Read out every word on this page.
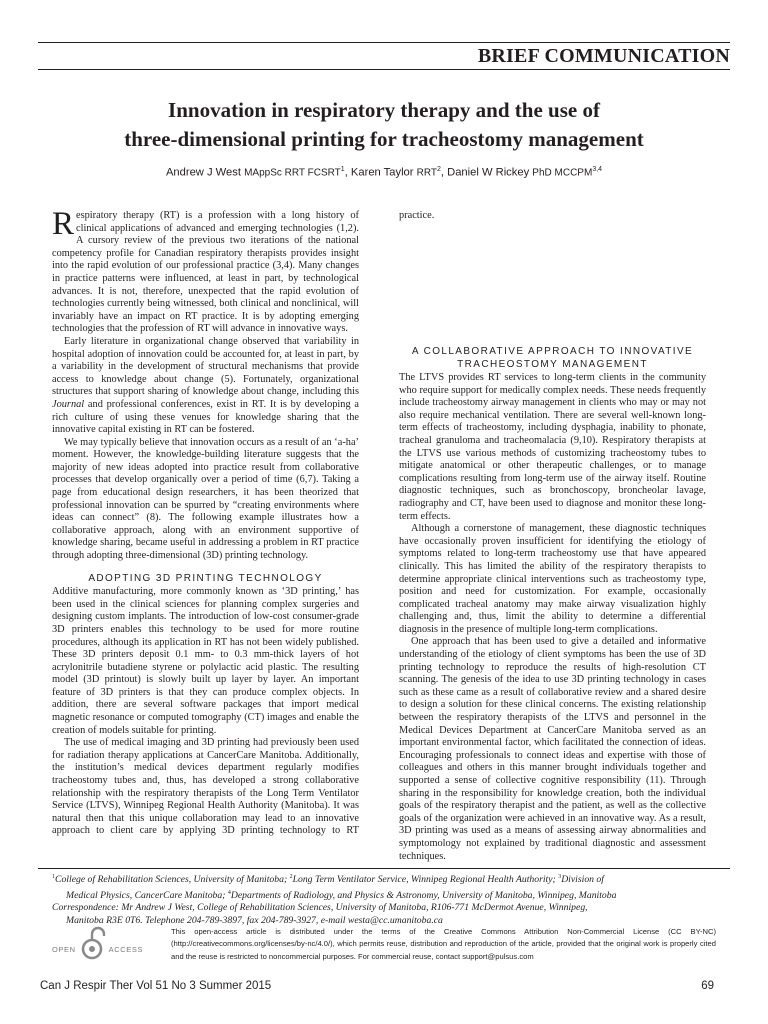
BRIEF COMMUNICATION
Innovation in respiratory therapy and the use of
three-dimensional printing for tracheostomy management
Andrew J West MAppSc RRT FCSRT$^1$, Karen Taylor RRT$^2$, Daniel W Rickey PhD MCCPM$^{3,4}$

Respiratory therapy (RT) is a profession with a long history of clinical applications of advanced and emerging technologies (1,2). A cursory review of the previous two iterations of the national competency profile for Canadian respiratory therapists provides insight into the rapid evolution of our professional practice (3,4). Many changes in practice patterns were influenced, at least in part, by technological advances. It is not, therefore, unexpected that the rapid evolution of technologies currently being witnessed, both clinical and nonclinical, will invariably have an impact on RT practice. It is by adopting emerging technologies that the profession of RT will advance in innovative ways.

Early literature in organizational change observed that variability in hospital adoption of innovation could be accounted for, at least in part, by a variability in the development of structural mechanisms that provide access to knowledge about change (5). Fortunately, organizational structures that support sharing of knowledge about change, including this Journal and professional conferences, exist in RT. It is by developing a rich culture of using these venues for knowledge sharing that the innovative capital existing in RT can be fostered.

We may typically believe that innovation occurs as a result of an ‘a-ha’ moment. However, the knowledge-building literature suggests that the majority of new ideas adopted into practice result from collaborative processes that develop organically over a period of time (6,7). Taking a page from educational design researchers, it has been theorized that professional innovation can be spurred by “creating environments where ideas can connect” (8). The following example illustrates how a collaborative approach, along with an environment supportive of knowledge sharing, became useful in addressing a problem in RT practice through adopting three-dimensional (3D) printing technology.

ADOPTING 3D PRINTING TECHNOLOGY

Additive manufacturing, more commonly known as ‘3D printing,’ has been used in the clinical sciences for planning complex surgeries and designing custom implants. The introduction of low-cost consumer-grade 3D printers enables this technology to be used for more routine procedures, although its application in RT has not been widely published. These 3D printers deposit 0.1 mm- to 0.3 mm-thick layers of hot acrylonitrile butadiene styrene or polylactic acid plastic. The resulting model (3D printout) is slowly built up layer by layer. An important feature of 3D printers is that they can produce complex objects. In addition, there are several software packages that import medical magnetic resonance or computed tomography (CT) images and enable the creation of models suitable for printing.

The use of medical imaging and 3D printing had previously been used for radiation therapy applications at CancerCare Manitoba. Additionally, the institution’s medical devices department regularly modifies tracheostomy tubes and, thus, has developed a strong collaborative relationship with the respiratory therapists of the Long Term Ventilator Service (LTVS), Winnipeg Regional Health Authority (Manitoba). It was natural then that this unique collaboration may lead to an innovative approach to client care by applying 3D printing technology to RT

practice.

A COLLABORATIVE APPROACH TO INNOVATIVE
TRACHEOSTOMY MANAGEMENT

The LTVS provides RT services to long-term clients in the community who require support for medically complex needs. These needs frequently include tracheostomy airway management in clients who may or may not also require mechanical ventilation. There are several well-known long-term effects of tracheostomy, including dysphagia, inability to phonate, tracheal granuloma and tracheomalacia (9,10). Respiratory therapists at the LTVS use various methods of customizing tracheostomy tubes to mitigate anatomical or other therapeutic challenges, or to manage complications resulting from long-term use of the airway itself. Routine diagnostic techniques, such as bronchoscopy, broncheolar lavage, radiography and CT, have been used to diagnose and monitor these long-term effects.

Although a cornerstone of management, these diagnostic techniques have occasionally proven insufficient for identifying the etiology of symptoms related to long-term tracheostomy use that have appeared clinically. This has limited the ability of the respiratory therapists to determine appropriate clinical interventions such as tracheostomy type, position and need for customization. For example, occasionally complicated tracheal anatomy may make airway visualization highly challenging and, thus, limit the ability to determine a differential diagnosis in the presence of multiple long-term complications.

One approach that has been used to give a detailed and informative understanding of the etiology of client symptoms has been the use of 3D printing technology to reproduce the results of high-resolution CT scanning. The genesis of the idea to use 3D printing technology in cases such as these came as a result of collaborative review and a shared desire to design a solution for these clinical concerns. The existing relationship between the respiratory therapists of the LTVS and personnel in the Medical Devices Department at CancerCare Manitoba served as an important environmental factor, which facilitated the connection of ideas. Encouraging professionals to connect ideas and expertise with those of colleagues and others in this manner brought individuals together and supported a sense of collective cognitive responsibility (11). Through sharing in the responsibility for knowledge creation, both the individual goals of the respiratory therapist and the patient, as well as the collective goals of the organization were achieved in an innovative way. As a result, 3D printing was used as a means of assessing airway abnormalities and symptomology not explained by traditional diagnostic and assessment techniques.

$^1$College of Rehabilitation Sciences, University of Manitoba; $^2$Long Term Ventilator Service, Winnipeg Regional Health Authority; $^3$Division of
Medical Physics, CancerCare Manitoba; $^4$Departments of Radiology, and Physics & Astronomy, University of Manitoba, Winnipeg, Manitoba
Correspondence: Mr Andrew J West, College of Rehabilitation Sciences, University of Manitoba, R106-771 McDermot Avenue, Winnipeg,
Manitoba R3E 0T6. Telephone 204-789-3897, fax 204-789-3927, e-mail westa@cc.umanitoba.ca
OPEN	ACCESS
This open-access article is distributed under the terms of the Creative Commons Attribution Non-Commercial License (CC BY-NC) (http://creativecommons.org/licenses/by-nc/4.0/), which permits reuse, distribution and reproduction of the article, provided that the original work is properly cited and the reuse is restricted to noncommercial purposes. For commercial reuse, contact support@pulsus.com
Can J Respir Ther Vol 51 No 3 Summer 2015	69
